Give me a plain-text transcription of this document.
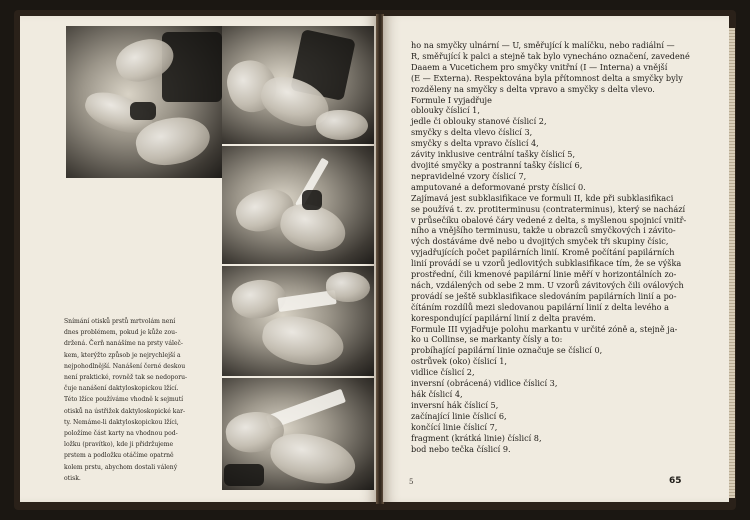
Snímání otisků prstů mrtvolám není
dnes problémem, pokud je kůže zou-
držená. Čerň nanášíme na prsty váleč-
kem, kterýžto způsob je nejrychlejší a
nejpohodlnější. Nanášení černé deskou
není praktické, rovněž tak se nedoporu-
čuje nanášení daktyloskopickou lžící.
Této lžíce používáme vhodně k sejmutí
otisků na ústřižek daktyloskopické kar-
ty. Nemáme-li daktyloskopickou lžíci,
položíme část karty na vhodnou pod-
ložku (pravítko), kde ji přidržujeme
prstem a podložku otáčíme opatrně
kolem prstu, abychom dostali válený
otisk.
ho na smyčky ulnární — U, směřující k malíčku, nebo radiální —
R, směřující k palci a stejně tak bylo vynecháno označení, zavedené
Daaem a Vucetichem pro smyčky vnitřní (I — Interna) a vnější
(E — Externa). Respektována byla přítomnost delta a smyčky byly
rozděleny na smyčky s delta vpravo a smyčky s delta vlevo.
Formule I vyjadřuje
oblouky číslicí 1,
jedle či oblouky stanové číslicí 2,
smyčky s delta vlevo číslicí 3,
smyčky s delta vpravo číslicí 4,
závity inklusive centrální tašky číslicí 5,
dvojité smyčky a postranní tašky číslicí 6,
nepravidelné vzory číslicí 7,
amputované a deformované prsty číslicí 0.
Zajímavá jest subklasifikace ve formuli II, kde při subklasifikaci
se používá t. zv. protiterminusu (contraterminus), který se nachází
v průsečíku obalové čáry vedené z delta, s myšlenou spojnicí vnitř-
ního a vnějšího terminusu, takže u obrazců smyčkových i závito-
vých dostáváme dvě nebo u dvojitých smyček tři skupiny čísic,
vyjadřujících počet papilárních linií. Kromě počítání papilárních
linií provádí se u vzorů jedlovitých subklasifikace tím, že se výška
prostřední, čili kmenové papilární linie měří v horizontálních zo-
nách, vzdálených od sebe 2 mm. U vzorů závitových čili oválových
provádí se ještě subklasifikace sledováním papilárních linií a po-
čítáním rozdílů mezi sledovanou papilární linií z delta levého a
korespondující papilární linií z delta pravém.
Formule III vyjadřuje polohu markantu v určité zóně a, stejně ja-
ko u Collinse, se markanty čísly a to:
probíhající papilární linie označuje se číslicí 0,
ostrůvek (oko) číslicí 1,
vidlice číslicí 2,
inversní (obrácená) vidlice číslicí 3,
hák číslicí 4,
inversní hák číslicí 5,
začínající linie číslicí 6,
končící linie číslicí 7,
fragment (krátká linie) číslicí 8,
bod nebo tečka číslicí 9.
5	65
